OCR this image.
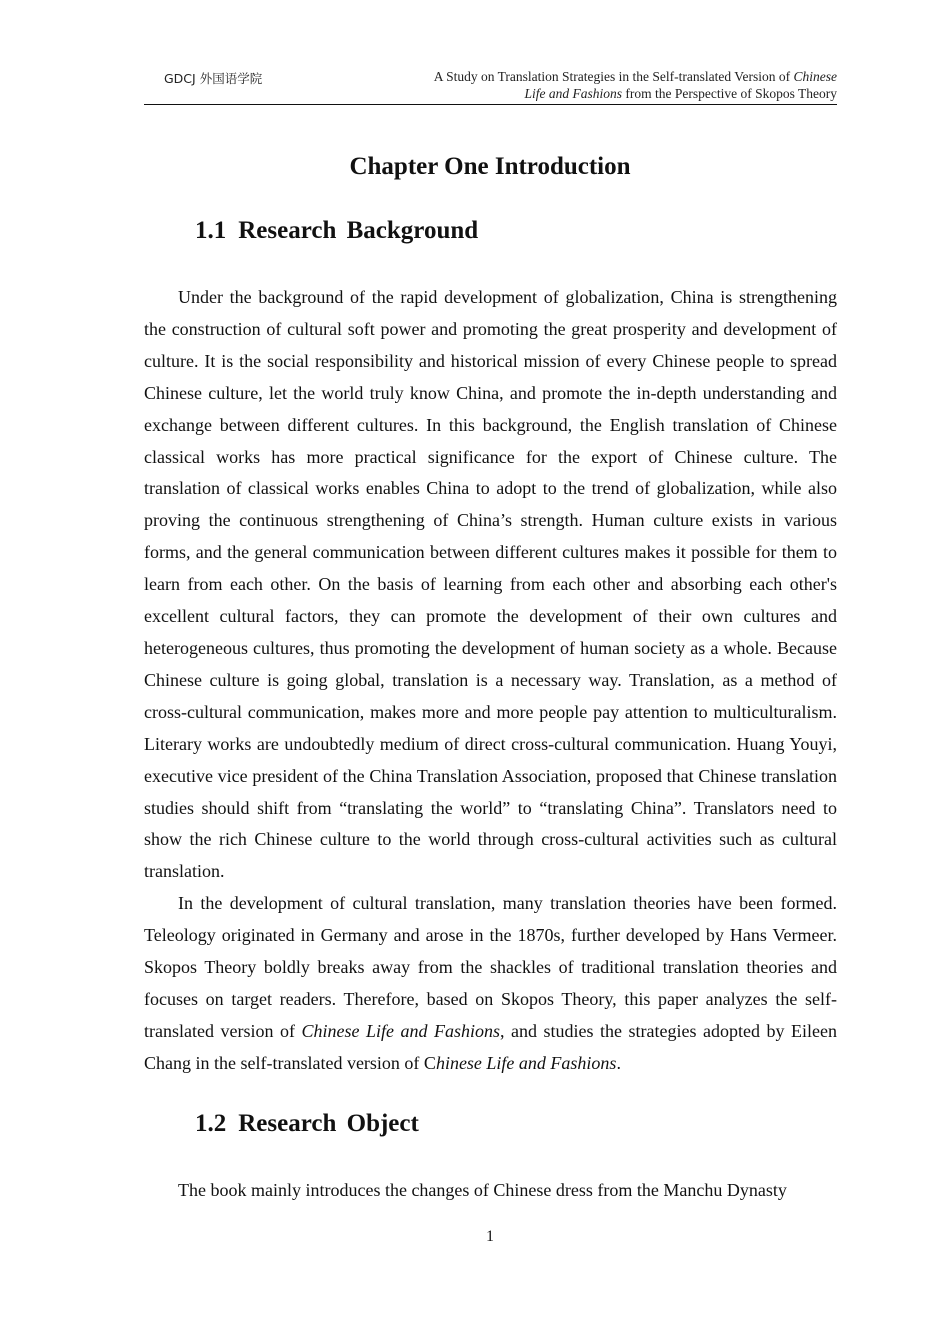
GDCJ 外国语学院	A Study on Translation Strategies in the Self-translated Version of Chinese
Life and Fashions from the Perspective of Skopos Theory
Chapter One Introduction
1.1 Research Background

Under the background of the rapid development of globalization, China is strengthening the construction of cultural soft power and promoting the great prosperity and development of culture. It is the social responsibility and historical mission of every Chinese people to spread Chinese culture, let the world truly know China, and promote the in-depth understanding and exchange between different cultures. In this background, the English translation of Chinese classical works has more practical significance for the export of Chinese culture. The translation of classical works enables China to adopt to the trend of globalization, while also proving the continuous strengthening of China’s strength. Human culture exists in various forms, and the general communication between different cultures makes it possible for them to learn from each other. On the basis of learning from each other and absorbing each other's excellent cultural factors, they can promote the development of their own cultures and heterogeneous cultures, thus promoting the development of human society as a whole. Because Chinese culture is going global, translation is a necessary way. Translation, as a method of cross-cultural communication, makes more and more people pay attention to multiculturalism. Literary works are undoubtedly medium of direct cross-cultural communication. Huang Youyi, executive vice president of the China Translation Association, proposed that Chinese translation studies should shift from “translating the world” to “translating China”. Translators need to show the rich Chinese culture to the world through cross-cultural activities such as cultural translation.

In the development of cultural translation, many translation theories have been formed. Teleology originated in Germany and arose in the 1870s, further developed by Hans Vermeer. Skopos Theory boldly breaks away from the shackles of traditional translation theories and focuses on target readers. Therefore, based on Skopos Theory, this paper analyzes the self-translated version of Chinese Life and Fashions, and studies the strategies adopted by Eileen Chang in the self-translated version of Chinese Life and Fashions.

1.2 Research Object

The book mainly introduces the changes of Chinese dress from the Manchu Dynasty

1
